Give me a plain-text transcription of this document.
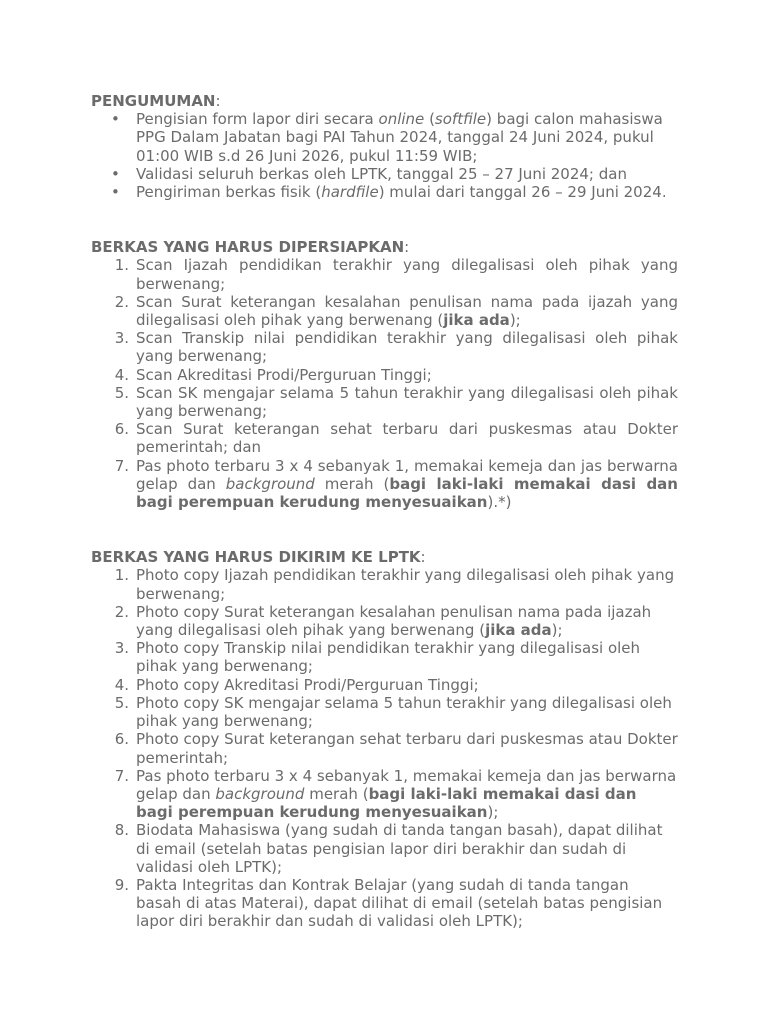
PENGUMUMAN:
• Pengisian form lapor diri secara online (softfile) bagi calon mahasiswa PPG Dalam Jabatan bagi PAI Tahun 2024, tanggal 24 Juni 2024, pukul 01:00 WIB s.d 26 Juni 2026, pukul 11:59 WIB;
• Validasi seluruh berkas oleh LPTK, tanggal 25 – 27 Juni 2024; dan
• Pengiriman berkas fisik (hardfile) mulai dari tanggal 26 – 29 Juni 2024.
BERKAS YANG HARUS DIPERSIAPKAN:
1. Scan Ijazah pendidikan terakhir yang dilegalisasi oleh pihak yang berwenang;
2. Scan Surat keterangan kesalahan penulisan nama pada ijazah yang dilegalisasi oleh pihak yang berwenang (jika ada);
3. Scan Transkip nilai pendidikan terakhir yang dilegalisasi oleh pihak yang berwenang;
4. Scan Akreditasi Prodi/Perguruan Tinggi;
5. Scan SK mengajar selama 5 tahun terakhir yang dilegalisasi oleh pihak yang berwenang;
6. Scan Surat keterangan sehat terbaru dari puskesmas atau Dokter pemerintah; dan
7. Pas photo terbaru 3 x 4 sebanyak 1, memakai kemeja dan jas berwarna gelap dan background merah (bagi laki-laki memakai dasi dan bagi perempuan kerudung menyesuaikan).*)
BERKAS YANG HARUS DIKIRIM KE LPTK:
1. Photo copy Ijazah pendidikan terakhir yang dilegalisasi oleh pihak yang berwenang;
2. Photo copy Surat keterangan kesalahan penulisan nama pada ijazah yang dilegalisasi oleh pihak yang berwenang (jika ada);
3. Photo copy Transkip nilai pendidikan terakhir yang dilegalisasi oleh pihak yang berwenang;
4. Photo copy Akreditasi Prodi/Perguruan Tinggi;
5. Photo copy SK mengajar selama 5 tahun terakhir yang dilegalisasi oleh pihak yang berwenang;
6. Photo copy Surat keterangan sehat terbaru dari puskesmas atau Dokter pemerintah;
7. Pas photo terbaru 3 x 4 sebanyak 1, memakai kemeja dan jas berwarna gelap dan background merah (bagi laki-laki memakai dasi dan bagi perempuan kerudung menyesuaikan);
8. Biodata Mahasiswa (yang sudah di tanda tangan basah), dapat dilihat di email (setelah batas pengisian lapor diri berakhir dan sudah di validasi oleh LPTK);
9. Pakta Integritas dan Kontrak Belajar (yang sudah di tanda tangan basah di atas Materai), dapat dilihat di email (setelah batas pengisian lapor diri berakhir dan sudah di validasi oleh LPTK);
